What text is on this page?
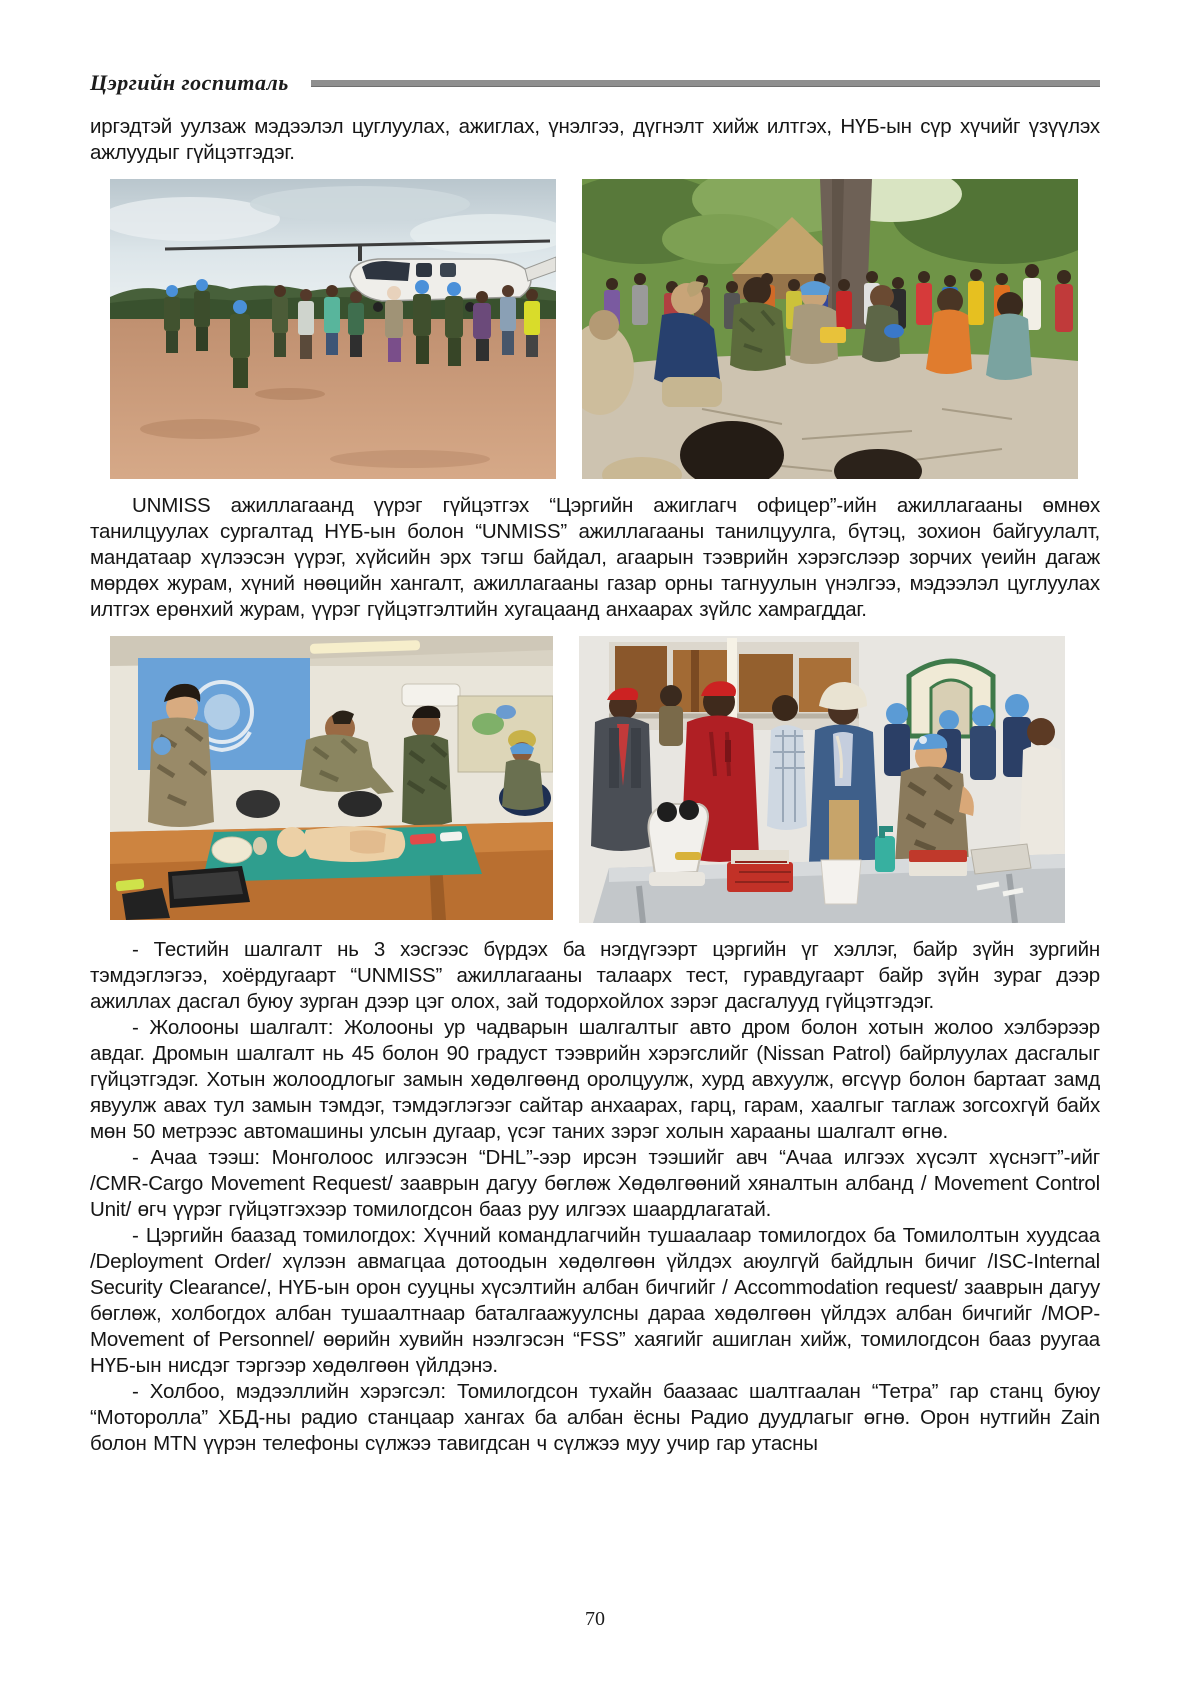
Цэргийн госпиталь

иргэдтэй уулзаж мэдээлэл цуглуулах, ажиглах, үнэлгээ, дүгнэлт хийж илтгэх, НҮБ-ын сүр хүчийг үзүүлэх ажлуудыг гүйцэтгэдэг.

UNMISS ажиллагаанд үүрэг гүйцэтгэх “Цэргийн ажиглагч офицер”-ийн ажиллагааны өмнөх танилцуулах сургалтад НҮБ-ын болон “UNMISS” ажиллагааны танилцуулга, бүтэц, зохион байгуулалт, мандатаар хүлээсэн үүрэг, хүйсийн эрх тэгш байдал, агаарын тээврийн хэрэгслээр зорчих үеийн дагаж мөрдөх журам, хүний нөөцийн хангалт, ажиллагааны газар орны тагнуулын үнэлгээ, мэдээлэл цуглуулах илтгэх ерөнхий журам, үүрэг гүйцэтгэлтийн хугацаанд анхаарах зүйлс хамрагддаг.

- Тестийн шалгалт нь 3 хэсгээс бүрдэх ба нэгдүгээрт цэргийн үг хэллэг, байр зүйн зургийн тэмдэглэгээ, хоёрдугаарт “UNMISS” ажиллагааны талаарх тест, гуравдугаарт байр зүйн зураг дээр ажиллах дасгал буюу зурган дээр цэг олох, зай тодорхойлох зэрэг дасгалууд гүйцэтгэдэг.

- Жолооны шалгалт: Жолооны ур чадварын шалгалтыг авто дром болон хотын жолоо хэлбэрээр авдаг. Дромын шалгалт нь 45 болон 90 градуст тээврийн хэрэгслийг (Nissan Patrol) байрлуулах дасгалыг гүйцэтгэдэг. Хотын жолоодлогыг замын хөдөлгөөнд оролцуулж, хурд авхуулж, өгсүүр болон бартаат замд явуулж авах тул замын тэмдэг, тэмдэглэгээг сайтар анхаарах, гарц, гарам, хаалгыг таглаж зогсохгүй байх мөн 50 метрээс автомашины улсын дугаар, үсэг таних зэрэг холын харааны шалгалт өгнө.

- Ачаа тээш: Монголоос илгээсэн “DHL”-ээр ирсэн тээшийг авч “Ачаа илгээх хүсэлт хүснэгт”-ийг /CMR-Cargo Movement Request/ зааврын дагуу бөглөж Хөдөлгөөний хяналтын албанд / Movement Control Unit/ өгч үүрэг гүйцэтгэхээр томилогдсон бааз руу илгээх шаардлагатай.

- Цэргийн баазад томилогдох: Хүчний командлагчийн тушаалаар томилогдох ба Томилолтын хуудсаа /Deployment Order/ хүлээн авмагцаа дотоодын хөдөлгөөн үйлдэх аюулгүй байдлын бичиг /ISC-Internal Security Clearance/, НҮБ-ын орон сууцны хүсэлтийн албан бичгийг / Accommodation request/ зааврын дагуу бөглөж, холбогдох албан тушаалтнаар баталгаажуулсны дараа хөдөлгөөн үйлдэх албан бичгийг /MOP-Movement of Personnel/ өөрийн хувийн нээлгэсэн “FSS” хаягийг ашиглан хийж, томилогдсон бааз руугаа НҮБ-ын нисдэг тэргээр хөдөлгөөн үйлдэнэ.

- Холбоо, мэдээллийн хэрэгсэл: Томилогдсон тухайн баазаас шалтгаалан “Тетра” гар станц буюу “Моторолла” ХБД-ны радио станцаар хангах ба албан ёсны Радио дуудлагыг өгнө. Орон нутгийн Zain болон MTN үүрэн телефоны сүлжээ тавигдсан ч сүлжээ муу учир гар утасны

70
